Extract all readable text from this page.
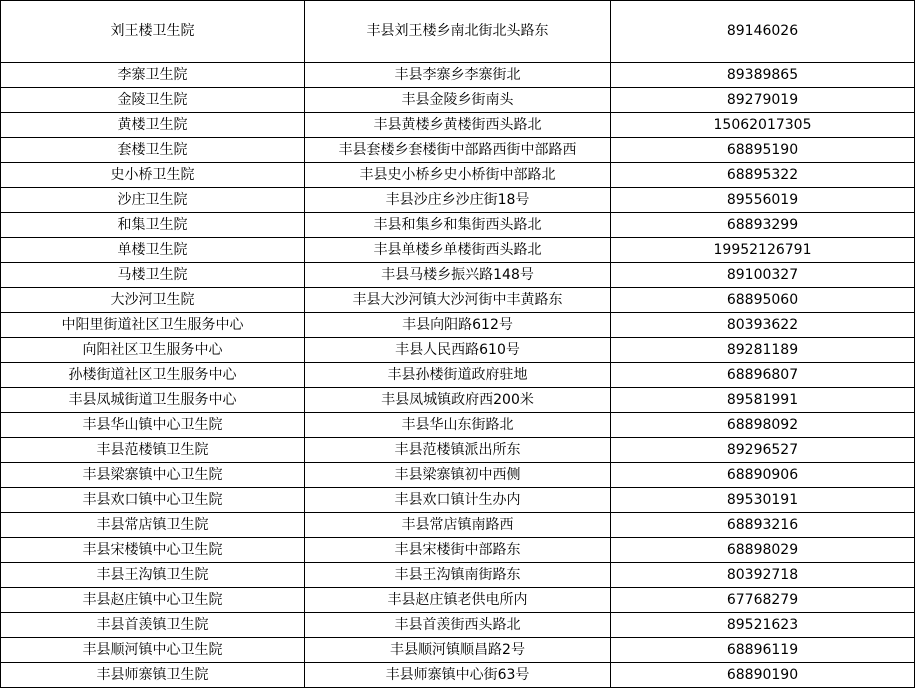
刘王楼卫生院	丰县刘王楼乡南北街北头路东	89146026
李寨卫生院	丰县李寨乡李寨街北	89389865
金陵卫生院	丰县金陵乡街南头	89279019
黄楼卫生院	丰县黄楼乡黄楼街西头路北	15062017305
套楼卫生院	丰县套楼乡套楼街中部路西街中部路西	68895190
史小桥卫生院	丰县史小桥乡史小桥街中部路北	68895322
沙庄卫生院	丰县沙庄乡沙庄街18号	89556019
和集卫生院	丰县和集乡和集街西头路北	68893299
单楼卫生院	丰县单楼乡单楼街西头路北	19952126791
马楼卫生院	丰县马楼乡振兴路148号	89100327
大沙河卫生院	丰县大沙河镇大沙河街中丰黄路东	68895060
中阳里街道社区卫生服务中心	丰县向阳路612号	80393622
向阳社区卫生服务中心	丰县人民西路610号	89281189
孙楼街道社区卫生服务中心	丰县孙楼街道政府驻地	68896807
丰县凤城街道卫生服务中心	丰县凤城镇政府西200米	89581991
丰县华山镇中心卫生院	丰县华山东街路北	68898092
丰县范楼镇卫生院	丰县范楼镇派出所东	89296527
丰县梁寨镇中心卫生院	丰县梁寨镇初中西侧	68890906
丰县欢口镇中心卫生院	丰县欢口镇计生办内	89530191
丰县常店镇卫生院	丰县常店镇南路西	68893216
丰县宋楼镇中心卫生院	丰县宋楼街中部路东	68898029
丰县王沟镇卫生院	丰县王沟镇南街路东	80392718
丰县赵庄镇中心卫生院	丰县赵庄镇老供电所内	67768279
丰县首羡镇卫生院	丰县首羡街西头路北	89521623
丰县顺河镇中心卫生院	丰县顺河镇顺昌路2号	68896119
丰县师寨镇卫生院	丰县师寨镇中心街63号	68890190
